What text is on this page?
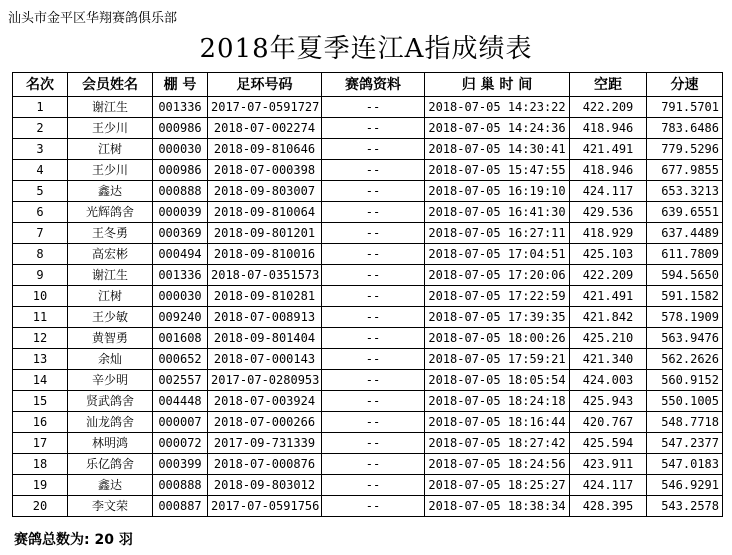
汕头市金平区华翔赛鸽俱乐部
2018年夏季连江A指成绩表
名次	会员姓名	棚 号	足环号码	赛鸽资料	归 巢 时 间	空距	分速
1	谢江生	001336	2017-07-0591727	--	2018-07-05 14:23:22	422.209	791.5701
2	王少川	000986	2018-07-002274	--	2018-07-05 14:24:36	418.946	783.6486
3	江树	000030	2018-09-810646	--	2018-07-05 14:30:41	421.491	779.5296
4	王少川	000986	2018-07-000398	--	2018-07-05 15:47:55	418.946	677.9855
5	鑫达	000888	2018-09-803007	--	2018-07-05 16:19:10	424.117	653.3213
6	光辉鸽舍	000039	2018-09-810064	--	2018-07-05 16:41:30	429.536	639.6551
7	王冬勇	000369	2018-09-801201	--	2018-07-05 16:27:11	418.929	637.4489
8	高宏彬	000494	2018-09-810016	--	2018-07-05 17:04:51	425.103	611.7809
9	谢江生	001336	2018-07-0351573	--	2018-07-05 17:20:06	422.209	594.5650
10	江树	000030	2018-09-810281	--	2018-07-05 17:22:59	421.491	591.1582
11	王少敏	009240	2018-07-008913	--	2018-07-05 17:39:35	421.842	578.1909
12	黄智勇	001608	2018-09-801404	--	2018-07-05 18:00:26	425.210	563.9476
13	余灿	000652	2018-07-000143	--	2018-07-05 17:59:21	421.340	562.2626
14	辛少明	002557	2017-07-0280953	--	2018-07-05 18:05:54	424.003	560.9152
15	贤武鸽舍	004448	2018-07-003924	--	2018-07-05 18:24:18	425.943	550.1005
16	汕龙鸽舍	000007	2018-07-000266	--	2018-07-05 18:16:44	420.767	548.7718
17	林明鸿	000072	2017-09-731339	--	2018-07-05 18:27:42	425.594	547.2377
18	乐亿鸽舍	000399	2018-07-000876	--	2018-07-05 18:24:56	423.911	547.0183
19	鑫达	000888	2018-09-803012	--	2018-07-05 18:25:27	424.117	546.9291
20	李文荣	000887	2017-07-0591756	--	2018-07-05 18:38:34	428.395	543.2578
赛鸽总数为: 20 羽
